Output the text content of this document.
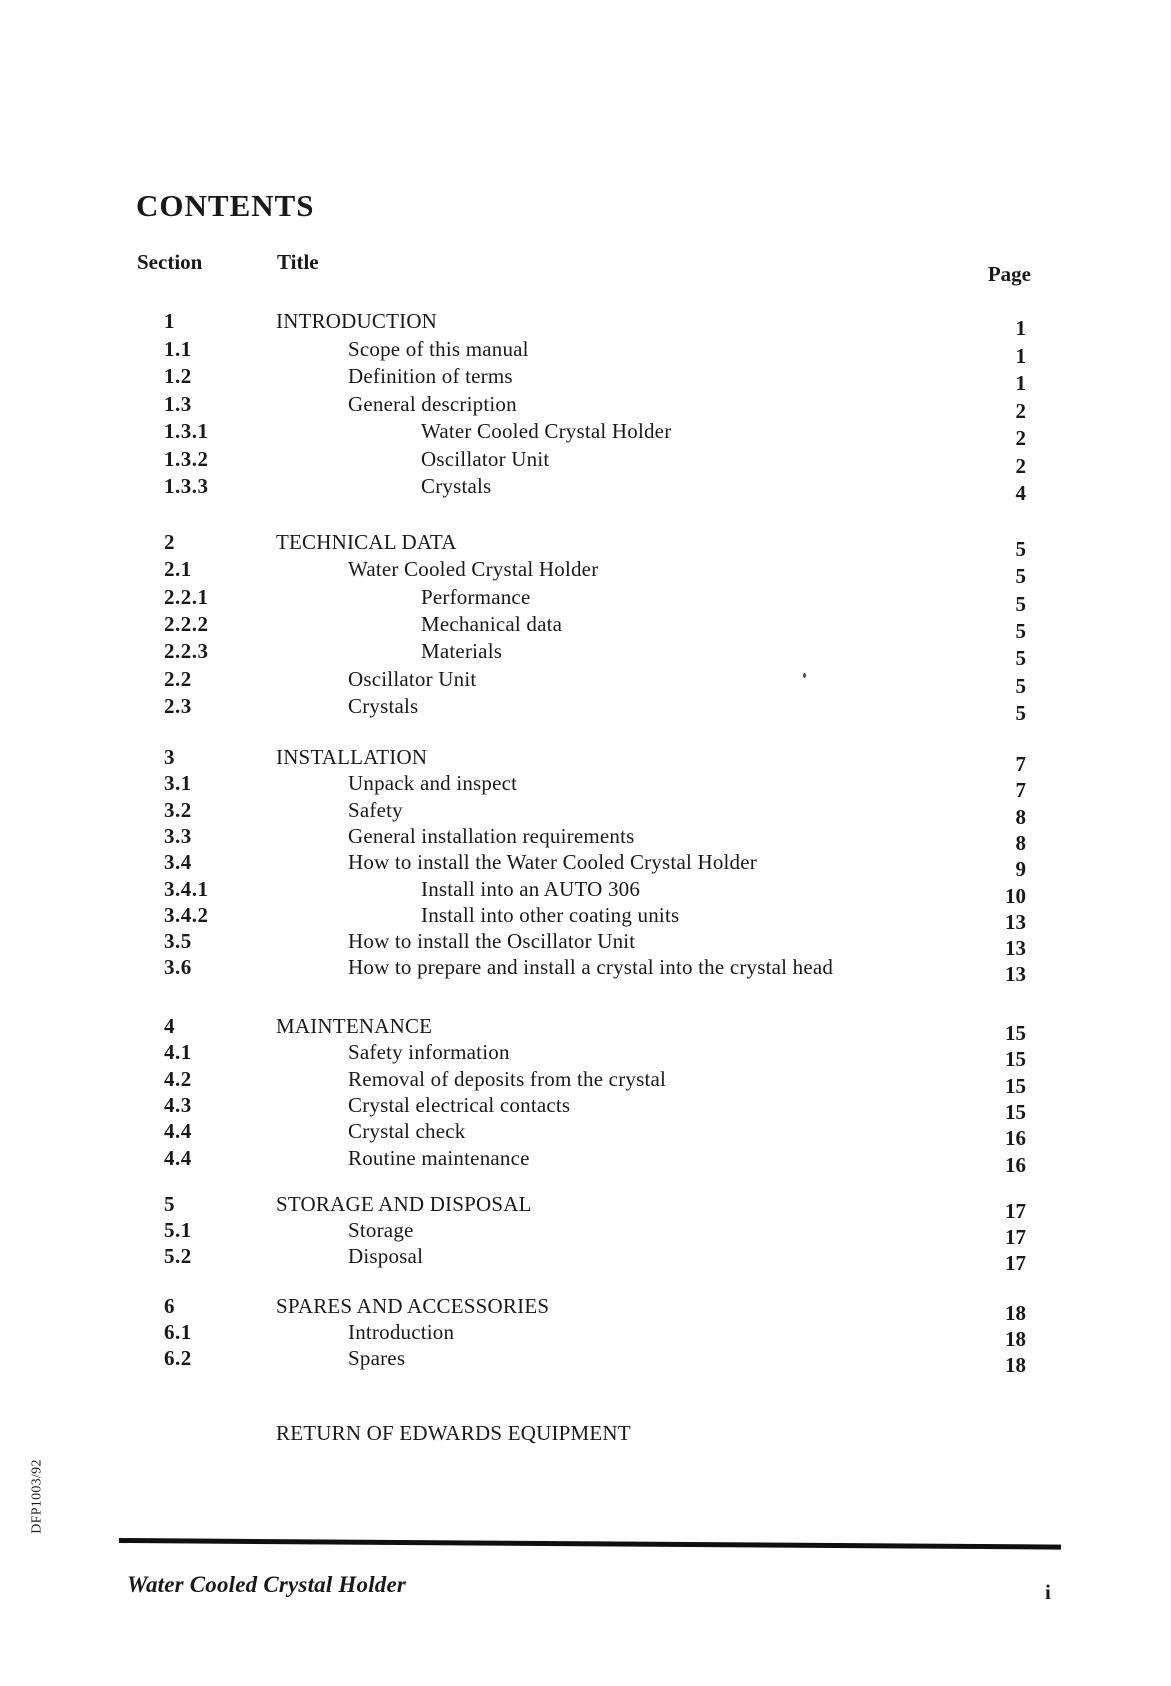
CONTENTS
Section	Title	Page
1	INTRODUCTION	1
1.1	Scope of this manual	1
1.2	Definition of terms	1
1.3	General description	2
1.3.1	Water Cooled Crystal Holder	2
1.3.2	Oscillator Unit	2
1.3.3	Crystals	4
2	TECHNICAL DATA	5
2.1	Water Cooled Crystal Holder	5
2.2.1	Performance	5
2.2.2	Mechanical data	5
2.2.3	Materials	5
2.2	Oscillator Unit	5
2.3	Crystals	5
3	INSTALLATION	7
3.1	Unpack and inspect	7
3.2	Safety	8
3.3	General installation requirements	8
3.4	How to install the Water Cooled Crystal Holder	9
3.4.1	Install into an AUTO 306	10
3.4.2	Install into other coating units	13
3.5	How to install the Oscillator Unit	13
3.6	How to prepare and install a crystal into the crystal head	13
4	MAINTENANCE	15
4.1	Safety information	15
4.2	Removal of deposits from the crystal	15
4.3	Crystal electrical contacts	15
4.4	Crystal check	16
4.4	Routine maintenance	16
5	STORAGE AND DISPOSAL	17
5.1	Storage	17
5.2	Disposal	17
6	SPARES AND ACCESSORIES	18
6.1	Introduction	18
6.2	Spares	18
RETURN OF EDWARDS EQUIPMENT
DFP1003/92
Water Cooled Crystal Holder	i
